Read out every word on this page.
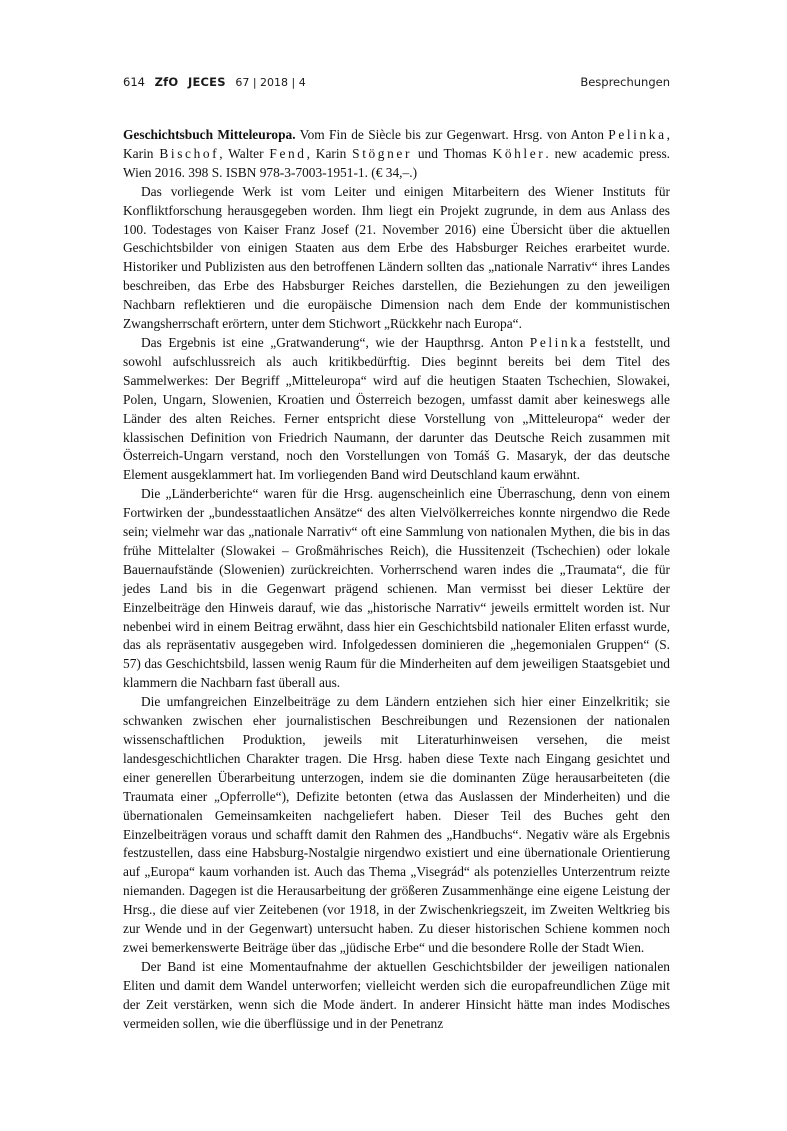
614 ZfO JECES 67 | 2018 | 4	Besprechungen

Geschichtsbuch Mitteleuropa. Vom Fin de Siècle bis zur Gegenwart. Hrsg. von Anton Pelinka, Karin Bischof, Walter Fend, Karin Stögner und Thomas Köhler. new academic press. Wien 2016. 398 S. ISBN 978-3-7003-1951-1. (€ 34,–.)

Das vorliegende Werk ist vom Leiter und einigen Mitarbeitern des Wiener Instituts für Konfliktforschung herausgegeben worden. Ihm liegt ein Projekt zugrunde, in dem aus Anlass des 100. Todestages von Kaiser Franz Josef (21. November 2016) eine Übersicht über die aktuellen Geschichtsbilder von einigen Staaten aus dem Erbe des Habsburger Reiches erarbeitet wurde. Historiker und Publizisten aus den betroffenen Ländern sollten das „nationale Narrativ“ ihres Landes beschreiben, das Erbe des Habsburger Reiches darstellen, die Beziehungen zu den jeweiligen Nachbarn reflektieren und die europäische Dimension nach dem Ende der kommunistischen Zwangsherrschaft erörtern, unter dem Stichwort „Rückkehr nach Europa“.

Das Ergebnis ist eine „Gratwanderung“, wie der Haupthrsg. Anton Pelinka feststellt, und sowohl aufschlussreich als auch kritikbedürftig. Dies beginnt bereits bei dem Titel des Sammelwerkes: Der Begriff „Mitteleuropa“ wird auf die heutigen Staaten Tschechien, Slowakei, Polen, Ungarn, Slowenien, Kroatien und Österreich bezogen, umfasst damit aber keineswegs alle Länder des alten Reiches. Ferner entspricht diese Vorstellung von „Mitteleuropa“ weder der klassischen Definition von Friedrich Naumann, der darunter das Deutsche Reich zusammen mit Österreich-Ungarn verstand, noch den Vorstellungen von Tomáš G. Masaryk, der das deutsche Element ausgeklammert hat. Im vorliegenden Band wird Deutschland kaum erwähnt.

Die „Länderberichte“ waren für die Hrsg. augenscheinlich eine Überraschung, denn von einem Fortwirken der „bundesstaatlichen Ansätze“ des alten Vielvölkerreiches konnte nirgendwo die Rede sein; vielmehr war das „nationale Narrativ“ oft eine Sammlung von nationalen Mythen, die bis in das frühe Mittelalter (Slowakei – Großmährisches Reich), die Hussitenzeit (Tschechien) oder lokale Bauernaufstände (Slowenien) zurückreichten. Vorherrschend waren indes die „Traumata“, die für jedes Land bis in die Gegenwart prägend schienen. Man vermisst bei dieser Lektüre der Einzelbeiträge den Hinweis darauf, wie das „historische Narrativ“ jeweils ermittelt worden ist. Nur nebenbei wird in einem Beitrag erwähnt, dass hier ein Geschichtsbild nationaler Eliten erfasst wurde, das als repräsentativ ausgegeben wird. Infolgedessen dominieren die „hegemonialen Gruppen“ (S. 57) das Geschichtsbild, lassen wenig Raum für die Minderheiten auf dem jeweiligen Staatsgebiet und klammern die Nachbarn fast überall aus.

Die umfangreichen Einzelbeiträge zu dem Ländern entziehen sich hier einer Einzelkritik; sie schwanken zwischen eher journalistischen Beschreibungen und Rezensionen der nationalen wissenschaftlichen Produktion, jeweils mit Literaturhinweisen versehen, die meist landesgeschichtlichen Charakter tragen. Die Hrsg. haben diese Texte nach Eingang gesichtet und einer generellen Überarbeitung unterzogen, indem sie die dominanten Züge herausarbeiteten (die Traumata einer „Opferrolle“), Defizite betonten (etwa das Auslassen der Minderheiten) und die übernationalen Gemeinsamkeiten nachgeliefert haben. Dieser Teil des Buches geht den Einzelbeiträgen voraus und schafft damit den Rahmen des „Handbuchs“. Negativ wäre als Ergebnis festzustellen, dass eine Habsburg-Nostalgie nirgendwo existiert und eine übernationale Orientierung auf „Europa“ kaum vorhanden ist. Auch das Thema „Visegrád“ als potenzielles Unterzentrum reizte niemanden. Dagegen ist die Herausarbeitung der größeren Zusammenhänge eine eigene Leistung der Hrsg., die diese auf vier Zeitebenen (vor 1918, in der Zwischenkriegszeit, im Zweiten Weltkrieg bis zur Wende und in der Gegenwart) untersucht haben. Zu dieser historischen Schiene kommen noch zwei bemerkenswerte Beiträge über das „jüdische Erbe“ und die besondere Rolle der Stadt Wien.

Der Band ist eine Momentaufnahme der aktuellen Geschichtsbilder der jeweiligen nationalen Eliten und damit dem Wandel unterworfen; vielleicht werden sich die europafreundlichen Züge mit der Zeit verstärken, wenn sich die Mode ändert. In anderer Hinsicht hätte man indes Modisches vermeiden sollen, wie die überflüssige und in der Penetranz
